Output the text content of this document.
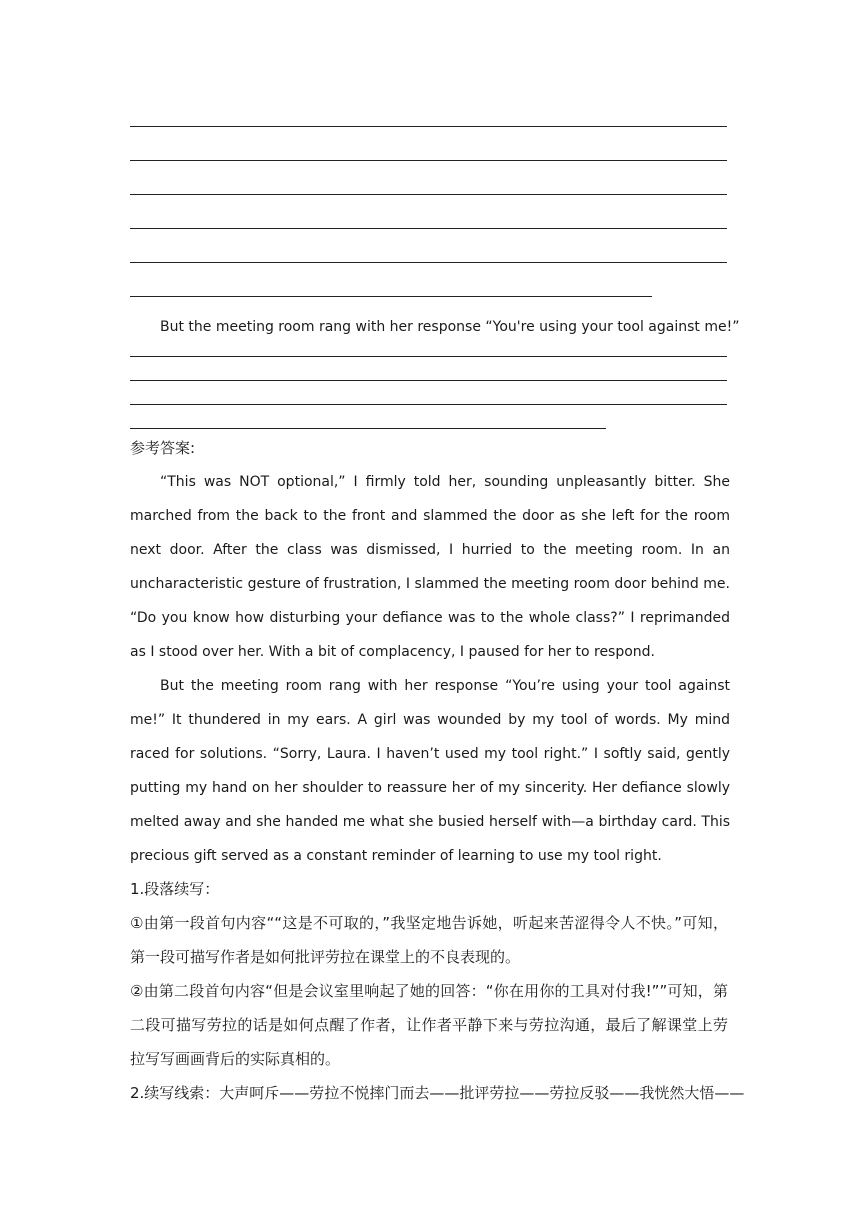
But the meeting room rang with her response “You're using your tool against me!”
参考答案:
“This was NOT optional,” I firmly told her, sounding unpleasantly bitter. She marched from the back to the front and slammed the door as she left for the room next door. After the class was dismissed, I hurried to the meeting room. In an uncharacteristic gesture of frustration, I slammed the meeting room door behind me. “Do you know how disturbing your defiance was to the whole class?” I reprimanded as I stood over her. With a bit of complacency, I paused for her to respond.
But the meeting room rang with her response “You’re using your tool against me!” It thundered in my ears. A girl was wounded by my tool of words. My mind raced for solutions. “Sorry, Laura. I haven’t used my tool right.” I softly said, gently putting my hand on her shoulder to reassure her of my sincerity. Her defiance slowly melted away and she handed me what she busied herself with—a birthday card. This precious gift served as a constant reminder of learning to use my tool right.
1.段落续写：
①由第一段首句内容““这是不可取的，”我坚定地告诉她，听起来苦涩得令人不快。”可知，第一段可描写作者是如何批评劳拉在课堂上的不良表现的。
②由第二段首句内容“但是会议室里响起了她的回答：“你在用你的工具对付我!””可知，第二段可描写劳拉的话是如何点醒了作者，让作者平静下来与劳拉沟通，最后了解课堂上劳拉写写画画背后的实际真相的。
2.续写线索：大声呵斥——劳拉不悦摔门而去——批评劳拉——劳拉反驳——我恍然大悟——
